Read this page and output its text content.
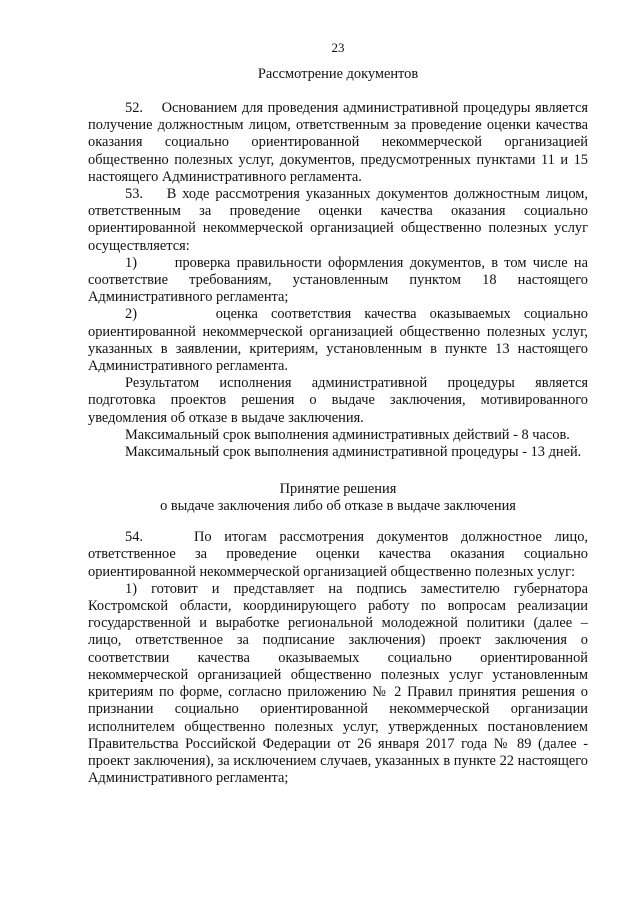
23
Рассмотрение документов

52.    Основанием для проведения административной процедуры является получение должностным лицом, ответственным за проведение оценки качества оказания социально ориентированной некоммерческой организацией общественно полезных услуг, документов, предусмотренных пунктами 11 и 15 настоящего Административного регламента.

53.    В ходе рассмотрения указанных документов должностным лицом, ответственным за проведение оценки качества оказания социально ориентированной некоммерческой организацией общественно полезных услуг осуществляется:

1)      проверка правильности оформления документов, в том числе на соответствие требованиям, установленным пунктом 18 настоящего Административного регламента;

2)      оценка соответствия качества оказываемых социально ориентированной некоммерческой организацией общественно полезных услуг, указанных в заявлении, критериям, установленным в пункте 13 настоящего Административного регламента.

Результатом исполнения административной процедуры является подготовка проектов решения о выдаче заключения, мотивированного уведомления об отказе в выдаче заключения.

Максимальный срок выполнения административных действий - 8 часов.

Максимальный срок выполнения административной процедуры - 13 дней.

Принятие решения
о выдаче заключения либо об отказе в выдаче заключения

54.    По итогам рассмотрения документов должностное лицо, ответственное за проведение оценки качества оказания социально ориентированной некоммерческой организацией общественно полезных услуг:

1) готовит и представляет на подпись заместителю губернатора Костромской области, координирующего работу по вопросам реализации государственной и выработке региональной молодежной политики (далее – лицо, ответственное за подписание заключения) проект заключения о соответствии качества оказываемых социально ориентированной некоммерческой организацией общественно полезных услуг установленным критериям по форме, согласно приложению № 2 Правил принятия решения о признании социально ориентированной некоммерческой организации исполнителем общественно полезных услуг, утвержденных постановлением Правительства Российской Федерации от 26 января 2017 года № 89 (далее - проект заключения), за исключением случаев, указанных в пункте 22 настоящего Административного регламента;
